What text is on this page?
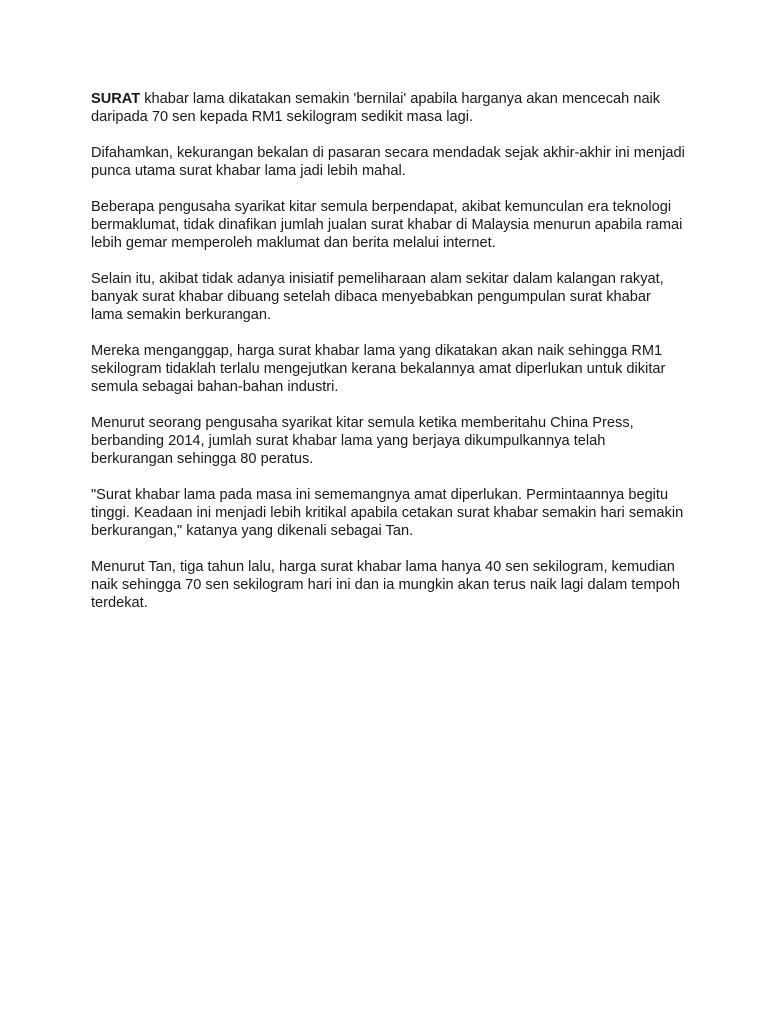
SURAT khabar lama dikatakan semakin 'bernilai' apabila harganya akan mencecah naik daripada 70 sen kepada RM1 sekilogram sedikit masa lagi.

Difahamkan, kekurangan bekalan di pasaran secara mendadak sejak akhir-akhir ini menjadi punca utama surat khabar lama jadi lebih mahal.

Beberapa pengusaha syarikat kitar semula berpendapat, akibat kemunculan era teknologi bermaklumat, tidak dinafikan jumlah jualan surat khabar di Malaysia menurun apabila ramai lebih gemar memperoleh maklumat dan berita melalui internet.

Selain itu, akibat tidak adanya inisiatif pemeliharaan alam sekitar dalam kalangan rakyat, banyak surat khabar dibuang setelah dibaca menyebabkan pengumpulan surat khabar lama semakin berkurangan.

Mereka menganggap, harga surat khabar lama yang dikatakan akan naik sehingga RM1 sekilogram tidaklah terlalu mengejutkan kerana bekalannya amat diperlukan untuk dikitar semula sebagai bahan-bahan industri.

Menurut seorang pengusaha syarikat kitar semula ketika memberitahu China Press, berbanding 2014, jumlah surat khabar lama yang berjaya dikumpulkannya telah berkurangan sehingga 80 peratus.

"Surat khabar lama pada masa ini sememangnya amat diperlukan. Permintaannya begitu tinggi. Keadaan ini menjadi lebih kritikal apabila cetakan surat khabar semakin hari semakin berkurangan," katanya yang dikenali sebagai Tan.

Menurut Tan, tiga tahun lalu, harga surat khabar lama hanya 40 sen sekilogram, kemudian naik sehingga 70 sen sekilogram hari ini dan ia mungkin akan terus naik lagi dalam tempoh terdekat.
